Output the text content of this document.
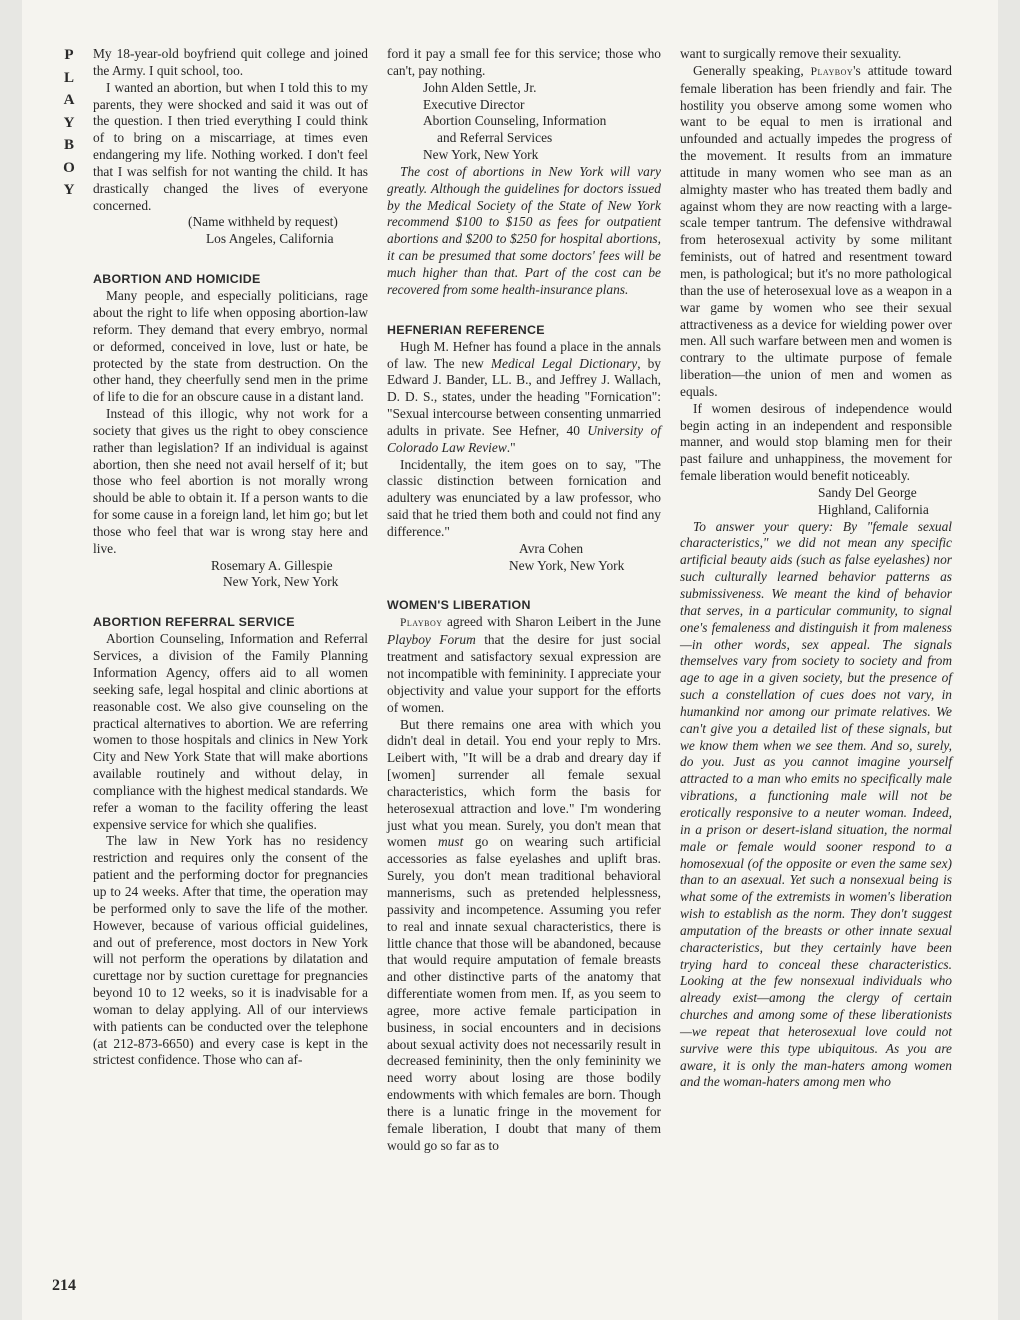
P
L
A
Y
B
O
Y
214

My 18-year-old boyfriend quit college and joined the Army. I quit school, too.

I wanted an abortion, but when I told this to my parents, they were shocked and said it was out of the question. I then tried everything I could think of to bring on a miscarriage, at times even endangering my life. Nothing worked. I don't feel that I was selfish for not wanting the child. It has drastically changed the lives of everyone concerned.

(Name withheld by request)
Los Angeles, California
ABORTION AND HOMICIDE

Many people, and especially politicians, rage about the right to life when opposing abortion-law reform. They demand that every embryo, normal or deformed, conceived in love, lust or hate, be protected by the state from destruction. On the other hand, they cheerfully send men in the prime of life to die for an obscure cause in a distant land.

Instead of this illogic, why not work for a society that gives us the right to obey conscience rather than legislation? If an individual is against abortion, then she need not avail herself of it; but those who feel abortion is not morally wrong should be able to obtain it. If a person wants to die for some cause in a foreign land, let him go; but let those who feel that war is wrong stay here and live.

Rosemary A. Gillespie
New York, New York
ABORTION REFERRAL SERVICE

Abortion Counseling, Information and Referral Services, a division of the Family Planning Information Agency, offers aid to all women seeking safe, legal hospital and clinic abortions at reasonable cost. We also give counseling on the practical alternatives to abortion. We are referring women to those hospitals and clinics in New York City and New York State that will make abortions available routinely and without delay, in compliance with the highest medical standards. We refer a woman to the facility offering the least expensive service for which she qualifies.

The law in New York has no residency restriction and requires only the consent of the patient and the performing doctor for pregnancies up to 24 weeks. After that time, the operation may be performed only to save the life of the mother. However, because of various official guidelines, and out of preference, most doctors in New York will not perform the operations by dilatation and curettage nor by suction curettage for pregnancies beyond 10 to 12 weeks, so it is inadvisable for a woman to delay applying. All of our interviews with patients can be conducted over the telephone (at 212-873-6650) and every case is kept in the strictest confidence. Those who can af-

ford it pay a small fee for this service; those who can't, pay nothing.

John Alden Settle, Jr.
Executive Director
Abortion Counseling, Information
and Referral Services
New York, New York

The cost of abortions in New York will vary greatly. Although the guidelines for doctors issued by the Medical Society of the State of New York recommend $100 to $150 as fees for outpatient abortions and $200 to $250 for hospital abortions, it can be presumed that some doctors' fees will be much higher than that. Part of the cost can be recovered from some health-insurance plans.

HEFNERIAN REFERENCE

Hugh M. Hefner has found a place in the annals of law. The new Medical Legal Dictionary, by Edward J. Bander, LL. B., and Jeffrey J. Wallach, D. D. S., states, under the heading "Fornication": "Sexual intercourse between consenting unmarried adults in private. See Hefner, 40 University of Colorado Law Review."

Incidentally, the item goes on to say, "The classic distinction between fornication and adultery was enunciated by a law professor, who said that he tried them both and could not find any difference."

Avra Cohen
New York, New York
WOMEN'S LIBERATION

Playboy agreed with Sharon Leibert in the June Playboy Forum that the desire for just social treatment and satisfactory sexual expression are not incompatible with femininity. I appreciate your objectivity and value your support for the efforts of women.

But there remains one area with which you didn't deal in detail. You end your reply to Mrs. Leibert with, "It will be a drab and dreary day if [women] surrender all female sexual characteristics, which form the basis for heterosexual attraction and love." I'm wondering just what you mean. Surely, you don't mean that women must go on wearing such artificial accessories as false eyelashes and uplift bras. Surely, you don't mean traditional behavioral mannerisms, such as pretended helplessness, passivity and incompetence. Assuming you refer to real and innate sexual characteristics, there is little chance that those will be abandoned, because that would require amputation of female breasts and other distinctive parts of the anatomy that differentiate women from men. If, as you seem to agree, more active female participation in business, in social encounters and in decisions about sexual activity does not necessarily result in decreased femininity, then the only femininity we need worry about losing are those bodily endowments with which females are born. Though there is a lunatic fringe in the movement for female liberation, I doubt that many of them would go so far as to

want to surgically remove their sexuality.

Generally speaking, Playboy's attitude toward female liberation has been friendly and fair. The hostility you observe among some women who want to be equal to men is irrational and unfounded and actually impedes the progress of the movement. It results from an immature attitude in many women who see man as an almighty master who has treated them badly and against whom they are now reacting with a large-scale temper tantrum. The defensive withdrawal from heterosexual activity by some militant feminists, out of hatred and resentment toward men, is pathological; but it's no more pathological than the use of heterosexual love as a weapon in a war game by women who see their sexual attractiveness as a device for wielding power over men. All such warfare between men and women is contrary to the ultimate purpose of female liberation—the union of men and women as equals.

If women desirous of independence would begin acting in an independent and responsible manner, and would stop blaming men for their past failure and unhappiness, the movement for female liberation would benefit noticeably.

Sandy Del George
Highland, California

To answer your query: By "female sexual characteristics," we did not mean any specific artificial beauty aids (such as false eyelashes) nor such culturally learned behavior patterns as submissiveness. We meant the kind of behavior that serves, in a particular community, to signal one's femaleness and distinguish it from maleness—in other words, sex appeal. The signals themselves vary from society to society and from age to age in a given society, but the presence of such a constellation of cues does not vary, in humankind nor among our primate relatives. We can't give you a detailed list of these signals, but we know them when we see them. And so, surely, do you. Just as you cannot imagine yourself attracted to a man who emits no specifically male vibrations, a functioning male will not be erotically responsive to a neuter woman. Indeed, in a prison or desert-island situation, the normal male or female would sooner respond to a homosexual (of the opposite or even the same sex) than to an asexual. Yet such a nonsexual being is what some of the extremists in women's liberation wish to establish as the norm. They don't suggest amputation of the breasts or other innate sexual characteristics, but they certainly have been trying hard to conceal these characteristics. Looking at the few nonsexual individuals who already exist—among the clergy of certain churches and among some of these liberationists—we repeat that heterosexual love could not survive were this type ubiquitous. As you are aware, it is only the man-haters among women and the woman-haters among men who
